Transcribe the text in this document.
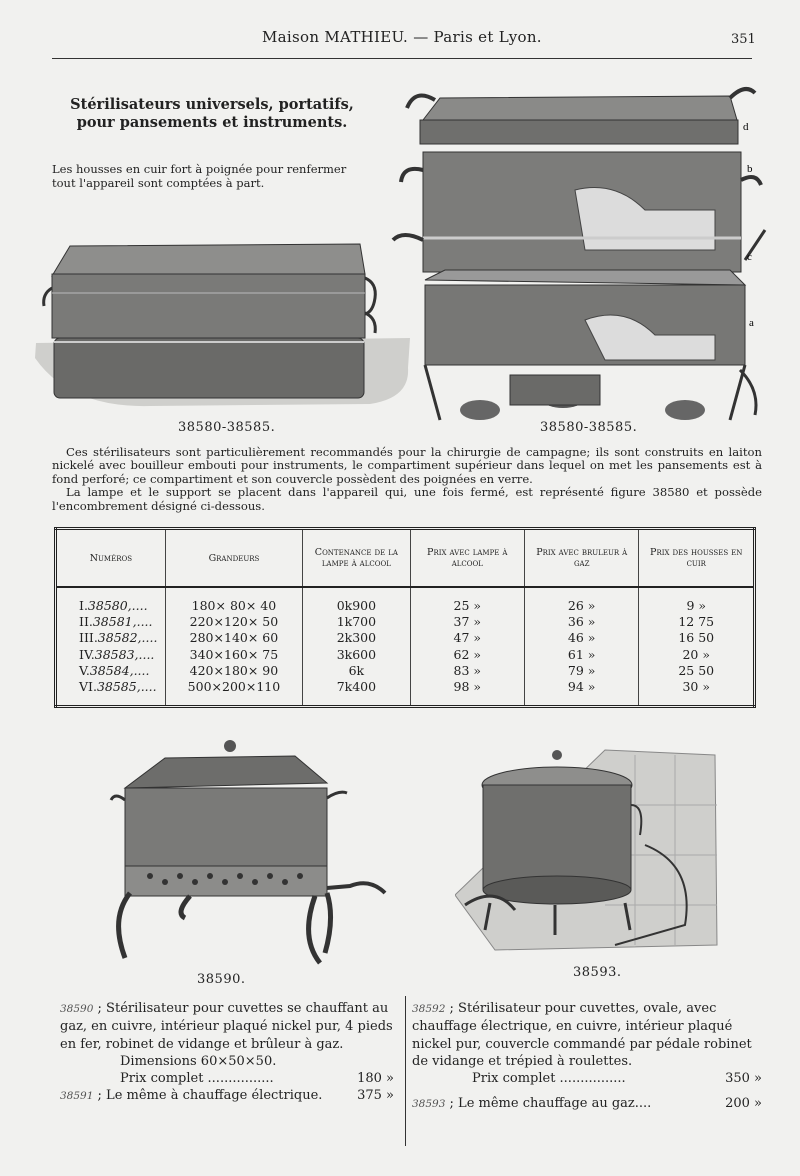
Maison MATHIEU. — Paris et Lyon.	351
Stérilisateurs universels, portatifs, pour pansements et instruments.
Les housses en cuir fort à poignée pour renfermer tout l'appareil sont comptées à part.
38580-38585.
d
b
c
a
38580-38585.

Ces stérilisateurs sont particulièrement recommandés pour la chirurgie de campagne; ils sont construits en laiton nickelé avec bouilleur embouti pour instruments, le compartiment supérieur dans lequel on met les pansements est à fond perforé; ce compartiment et son couvercle possèdent des poignées en verre.

La lampe et le support se placent dans l'appareil qui, une fois fermé, est représenté figure 38580 et possède l'encombrement désigné ci-dessous.

Numéros	Grandeurs	Contenance de la lampe à alcool	Prix avec lampe à alcool	Prix avec bruleur à gaz	Prix des housses en cuir

I.38580,....	180× 80× 40	0k900	25 »	26 »	9 »
II.38581,....	220×120× 50	1k700	37 »	36 »	12 75
III.38582,....	280×140× 60	2k300	47 »	46 »	16 50
IV.38583,....	340×160× 75	3k600	62 »	61 »	20 »
V.38584,....	420×180× 90	6k	83 »	79 »	25 50
VI.38585,....	500×200×110	7k400	98 »	94 »	30 »

38590.	38593.
38590 ; Stérilisateur pour cuvettes se chauffant au gaz, en cuivre, intérieur plaqué nickel pur, 4 pieds en fer, robinet de vidange et brûleur à gaz.
Dimensions 60×50×50.
Prix complet ................	180 »
38591 ; Le même à chauffage électrique.	375 »
38592 ; Stérilisateur pour cuvettes, ovale, avec chauffage électrique, en cuivre, intérieur plaqué nickel pur, couvercle commandé par pédale robinet de vidange et trépied à roulettes.
Prix complet ................	350 »
38593 ; Le même chauffage au gaz....	200 »
